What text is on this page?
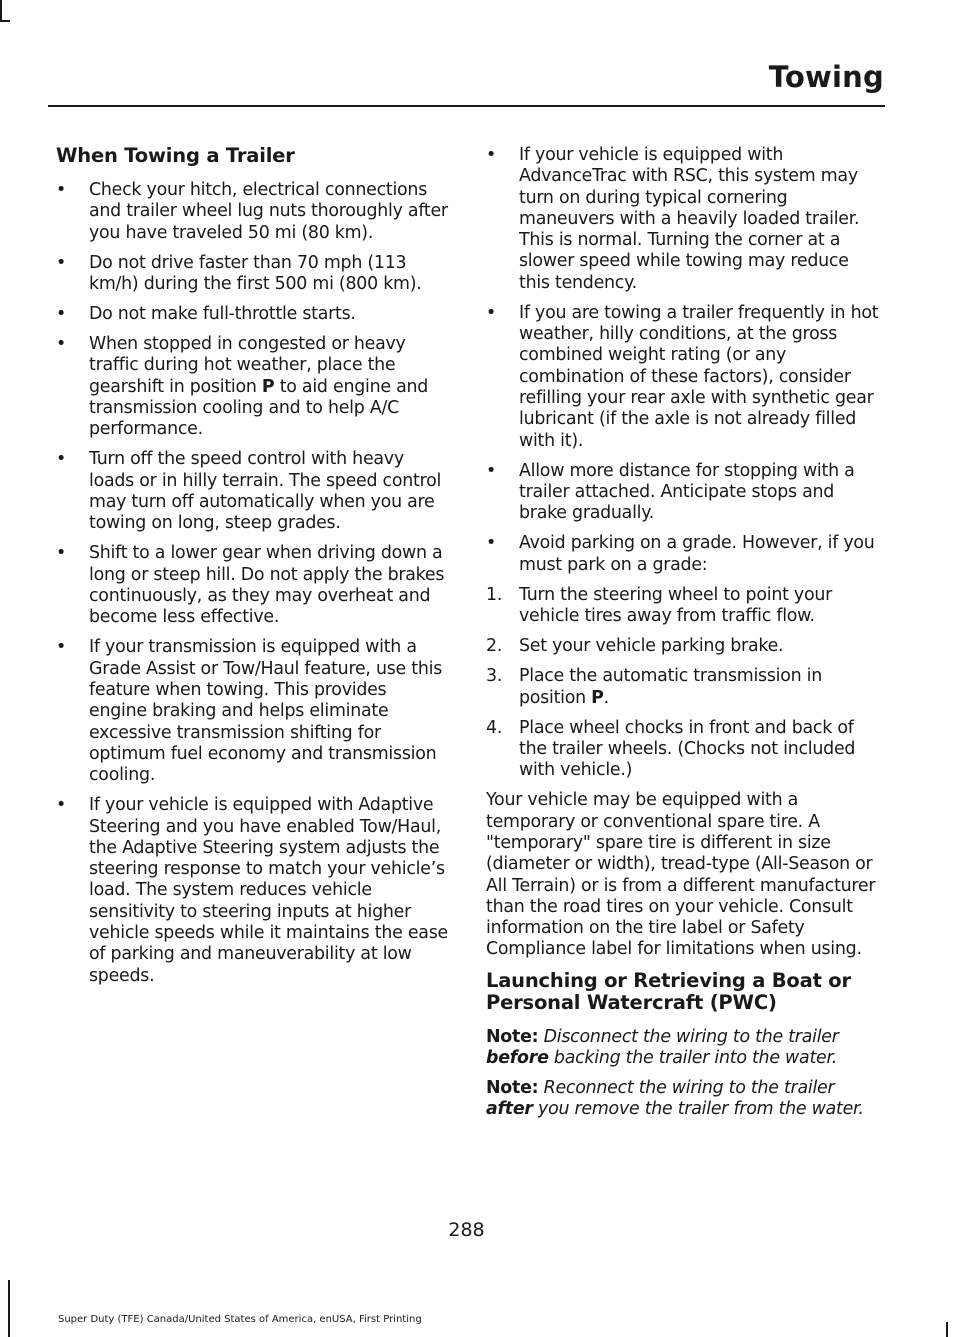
Towing
When Towing a Trailer
• Check your hitch, electrical connections and trailer wheel lug nuts thoroughly after you have traveled 50 mi (80 km).
• Do not drive faster than 70 mph (113 km/h) during the first 500 mi (800 km).
• Do not make full-throttle starts.
• When stopped in congested or heavy traffic during hot weather, place the gearshift in position P to aid engine and transmission cooling and to help A/C performance.
• Turn off the speed control with heavy loads or in hilly terrain. The speed control may turn off automatically when you are towing on long, steep grades.
• Shift to a lower gear when driving down a long or steep hill. Do not apply the brakes continuously, as they may overheat and become less effective.
• If your transmission is equipped with a Grade Assist or Tow/Haul feature, use this feature when towing. This provides engine braking and helps eliminate excessive transmission shifting for optimum fuel economy and transmission cooling.
• If your vehicle is equipped with Adaptive Steering and you have enabled Tow/Haul, the Adaptive Steering system adjusts the steering response to match your vehicle’s load. The system reduces vehicle sensitivity to steering inputs at higher vehicle speeds while it maintains the ease of parking and maneuverability at low speeds.
• If your vehicle is equipped with AdvanceTrac with RSC, this system may turn on during typical cornering maneuvers with a heavily loaded trailer. This is normal. Turning the corner at a slower speed while towing may reduce this tendency.
• If you are towing a trailer frequently in hot weather, hilly conditions, at the gross combined weight rating (or any combination of these factors), consider refilling your rear axle with synthetic gear lubricant (if the axle is not already filled with it).
• Allow more distance for stopping with a trailer attached. Anticipate stops and brake gradually.
• Avoid parking on a grade. However, if you must park on a grade:
1. Turn the steering wheel to point your vehicle tires away from traffic flow.
2. Set your vehicle parking brake.
3. Place the automatic transmission in position P.
4. Place wheel chocks in front and back of the trailer wheels. (Chocks not included with vehicle.)

Your vehicle may be equipped with a temporary or conventional spare tire. A "temporary" spare tire is different in size (diameter or width), tread-type (All-Season or All Terrain) or is from a different manufacturer than the road tires on your vehicle. Consult information on the tire label or Safety Compliance label for limitations when using.

Launching or Retrieving a Boat or Personal Watercraft (PWC)

Note: Disconnect the wiring to the trailer before backing the trailer into the water.

Note: Reconnect the wiring to the trailer after you remove the trailer from the water.

288
Super Duty (TFE) Canada/United States of America, enUSA, First Printing
